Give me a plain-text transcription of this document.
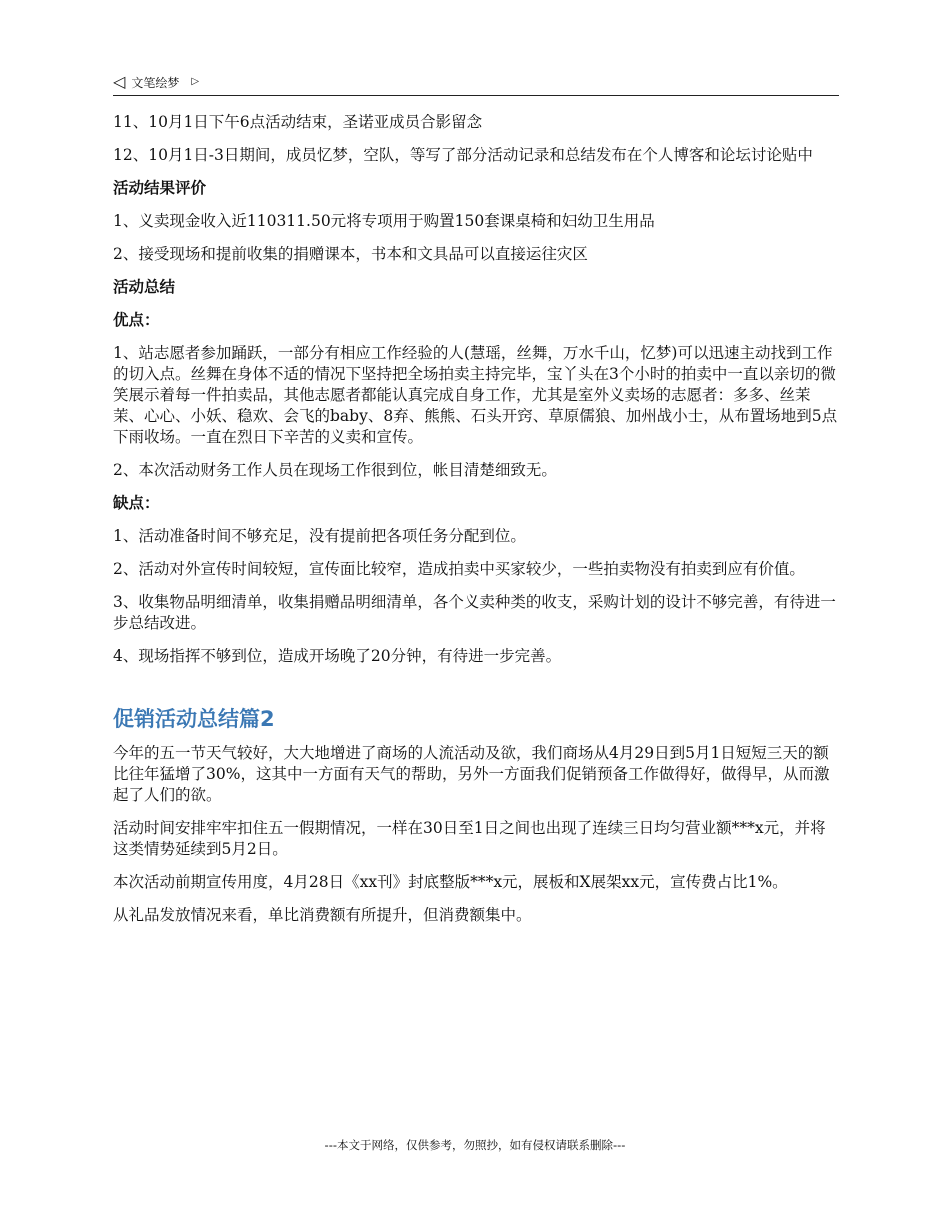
◁ 文笔绘梦 ▷

11、10月1日下午6点活动结束，圣诺亚成员合影留念

12、10月1日-3日期间，成员忆梦，空队，等写了部分活动记录和总结发布在个人博客和论坛讨论贴中

活动结果评价

1、义卖现金收入近110311.50元将专项用于购置150套课桌椅和妇幼卫生用品

2、接受现场和提前收集的捐赠课本，书本和文具品可以直接运往灾区

活动总结

优点：

1、站志愿者参加踊跃，一部分有相应工作经验的人(慧瑶，丝舞，万水千山，忆梦)可以迅速主动找到工作的切入点。丝舞在身体不适的情况下坚持把全场拍卖主持完毕，宝丫头在3个小时的拍卖中一直以亲切的微笑展示着每一件拍卖品，其他志愿者都能认真完成自身工作，尤其是室外义卖场的志愿者：多多、丝茉茉、心心、小妖、稳欢、会飞的baby、8弃、熊熊、石头开窍、草原儒狼、加州战小士，从布置场地到5点下雨收场。一直在烈日下辛苦的义卖和宣传。

2、本次活动财务工作人员在现场工作很到位，帐目清楚细致无。

缺点：

1、活动准备时间不够充足，没有提前把各项任务分配到位。

2、活动对外宣传时间较短，宣传面比较窄，造成拍卖中买家较少，一些拍卖物没有拍卖到应有价值。

3、收集物品明细清单，收集捐赠品明细清单，各个义卖种类的收支，采购计划的设计不够完善，有待进一步总结改进。

4、现场指挥不够到位，造成开场晚了20分钟，有待进一步完善。

促销活动总结篇2

今年的五一节天气较好，大大地增进了商场的人流活动及欲，我们商场从4月29日到5月1日短短三天的额比往年猛增了30%，这其中一方面有天气的帮助，另外一方面我们促销预备工作做得好，做得早，从而激起了人们的欲。

活动时间安排牢牢扣住五一假期情况，一样在30日至1日之间也出现了连续三日均匀营业额***x元，并将这类情势延续到5月2日。

本次活动前期宣传用度，4月28日《xx刊》封底整版***x元，展板和X展架xx元，宣传费占比1%。

从礼品发放情况来看，单比消费额有所提升，但消费额集中。

---本文于网络，仅供参考，勿照抄，如有侵权请联系删除---
